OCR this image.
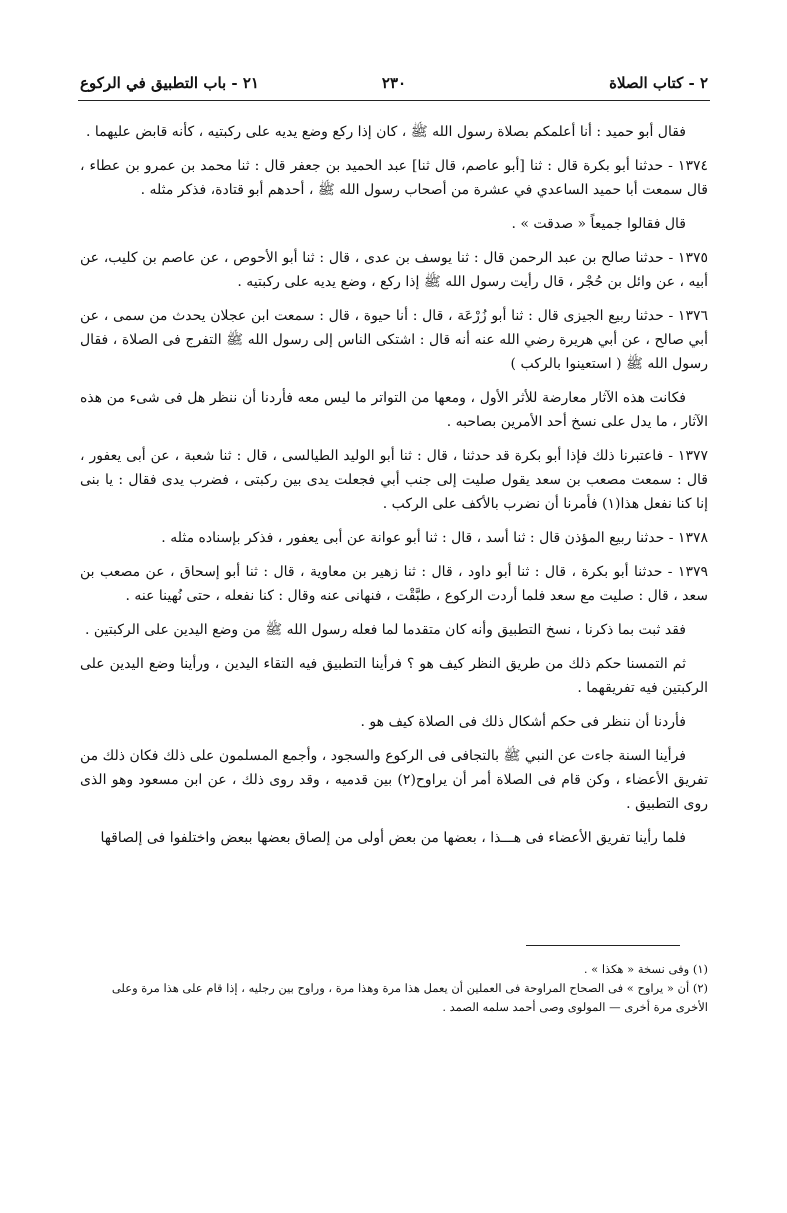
٢ - كتاب الصلاة
٢٣٠
٢١ - باب التطبيق في الركوع

فقال أبو حميد : أنا أعلمكم بصلاة رسول الله ﷺ ، كان إذا ركع وضع يديه على ركبتيه ، كأنه قابض عليهما .

١٣٧٤ - حدثنا أبو بكرة قال : ثنا [أبو عاصم، قال ثنا] عبد الحميد بن جعفر قال : ثنا محمد بن عمرو بن عطاء ، قال سمعت أبا حميد الساعدي في عشرة من أصحاب رسول الله ﷺ ، أحدهم أبو قتادة، فذكر مثله .

قال فقالوا جميعاً « صدقت » .

١٣٧٥ - حدثنا صالح بن عبد الرحمن قال : ثنا يوسف بن عدى ، قال : ثنا أبو الأحوص ، عن عاصم بن كليب، عن أبيه ، عن وائل بن حُجْر ، قال رأيت رسول الله ﷺ إذا ركع ، وضع يديه على ركبتيه .

١٣٧٦ - حدثنا ربيع الجيزى قال : ثنا أبو زُرْعَة ، قال : أنا حيوة ، قال : سمعت ابن عجلان يحدث من سمى ، عن أبي صالح ، عن أبي هريرة رضي الله عنه أنه قال : اشتكى الناس إلى رسول الله ﷺ التفرج فى الصلاة ، فقال رسول الله ﷺ ( استعينوا بالركب )

فكانت هذه الآثار معارضة للأثر الأول ، ومعها من التواتر ما ليس معه فأردنا أن ننظر هل فى شىء من هذه الآثار ، ما يدل على نسخ أحد الأمرين بصاحبه .

١٣٧٧ - فاعتبرنا ذلك فإذا أبو بكرة قد حدثنا ، قال : ثنا أبو الوليد الطيالسى ، قال : ثنا شعبة ، عن أبى يعفور ، قال : سمعت مصعب بن سعد يقول صليت إلى جنب أبي فجعلت يدى بين ركبتى ، فضرب يدى فقال : يا بنى إنا كنا نفعل هذا(١) فأمرنا أن نضرب بالأكف على الركب .

١٣٧٨ - حدثنا ربيع المؤذن قال : ثنا أسد ، قال : ثنا أبو عوانة عن أبى يعفور ، فذكر بإسناده مثله .

١٣٧٩ - حدثنا أبو بكرة ، قال : ثنا أبو داود ، قال : ثنا زهير بن معاوية ، قال : ثنا أبو إسحاق ، عن مصعب بن سعد ، قال : صليت مع سعد فلما أردت الركوع ، طبَّقْت ، فنهانى عنه وقال : كنا نفعله ، حتى نُهينا عنه .

فقد ثبت بما ذكرنا ، نسخ التطبيق وأنه كان متقدما لما فعله رسول الله ﷺ من وضع اليدين على الركبتين .

ثم التمسنا حكم ذلك من طريق النظر كيف هو ؟ فرأينا التطبيق فيه التقاء اليدين ، ورأينا وضع اليدين على الركبتين فيه تفريقهما .

فأردنا أن ننظر فى حكم أشكال ذلك فى الصلاة كيف هو .

فرأينا السنة جاءت عن النبي ﷺ بالتجافى فى الركوع والسجود ، وأجمع المسلمون على ذلك فكان ذلك من تفريق الأعضاء ، وكن قام فى الصلاة أمر أن يراوح(٢) بين قدميه ، وقد روى ذلك ، عن ابن مسعود وهو الذى روى التطبيق .

فلما رأينا تفريق الأعضاء فى هـــذا ، بعضها من بعض أولى من إلصاق بعضها ببعض واختلفوا فى إلصاقها

(١) وفى نسخة « هكذا » .

(٢) أن « يراوح » فى الصحاح المراوحة فى العملين أن يعمل هذا مرة وهذا مرة ، وراوح بين رجليه ، إذا قام على هذا مرة وعلى الأخرى مرة أخرى — المولوى وصى أحمد سلمه الصمد .
